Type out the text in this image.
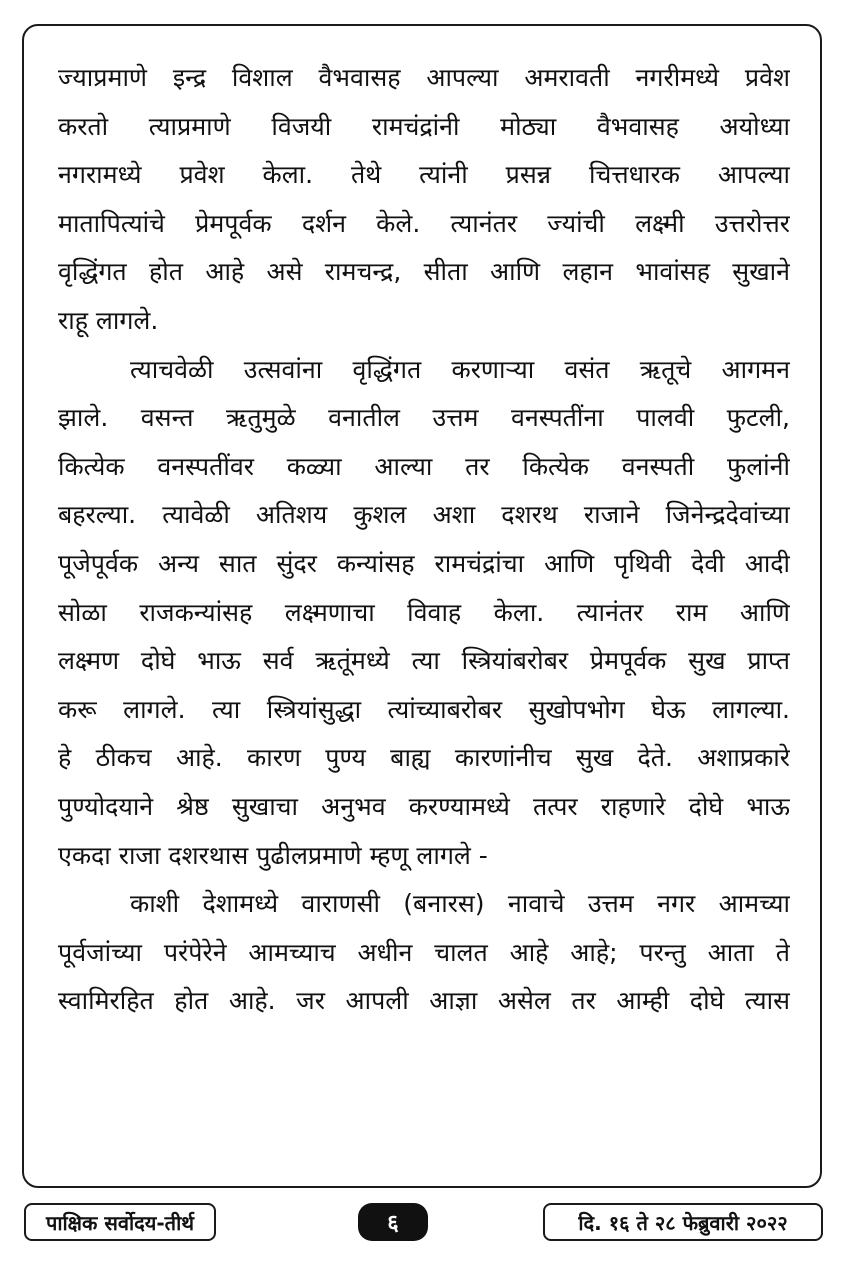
ज्याप्रमाणे इन्द्र विशाल वैभवासह आपल्या अमरावती नगरीमध्ये प्रवेश
करतो त्याप्रमाणे विजयी रामचंद्रांनी मोठ्या वैभवासह अयोध्या
नगरामध्ये प्रवेश केला. तेथे त्यांनी प्रसन्न चित्तधारक आपल्या
मातापित्यांचे प्रेमपूर्वक दर्शन केले. त्यानंतर ज्यांची लक्ष्मी उत्तरोत्तर
वृद्धिंगत होत आहे असे रामचन्द्र, सीता आणि लहान भावांसह सुखाने
राहू लागले.
त्याचवेळी उत्सवांना वृद्धिंगत करणाऱ्या वसंत ऋतूचे आगमन
झाले. वसन्त ऋतुमुळे वनातील उत्तम वनस्पतींना पालवी फुटली,
कित्येक वनस्पतींवर कळ्या आल्या तर कित्येक वनस्पती फुलांनी
बहरल्या. त्यावेळी अतिशय कुशल अशा दशरथ राजाने जिनेन्द्रदेवांच्या
पूजेपूर्वक अन्य सात सुंदर कन्यांसह रामचंद्रांचा आणि पृथिवी देवी आदी
सोळा राजकन्यांसह लक्ष्मणाचा विवाह केला. त्यानंतर राम आणि
लक्ष्मण दोघे भाऊ सर्व ऋतूंमध्ये त्या स्त्रियांबरोबर प्रेमपूर्वक सुख प्राप्त
करू लागले. त्या स्त्रियांसुद्धा त्यांच्याबरोबर सुखोपभोग घेऊ लागल्या.
हे ठीकच आहे. कारण पुण्य बाह्य कारणांनीच सुख देते. अशाप्रकारे
पुण्योदयाने श्रेष्ठ सुखाचा अनुभव करण्यामध्ये तत्पर राहणारे दोघे भाऊ
एकदा राजा दशरथास पुढीलप्रमाणे म्हणू लागले -
काशी देशामध्ये वाराणसी (बनारस) नावाचे उत्तम नगर आमच्या
पूर्वजांच्या परंपेरेने आमच्याच अधीन चालत आहे आहे; परन्तु आता ते
स्वामिरहित होत आहे. जर आपली आज्ञा असेल तर आम्ही दोघे त्यास
पाक्षिक सर्वोदय-तीर्थ	६	दि. १६ ते २८ फेब्रुवारी २०२२
